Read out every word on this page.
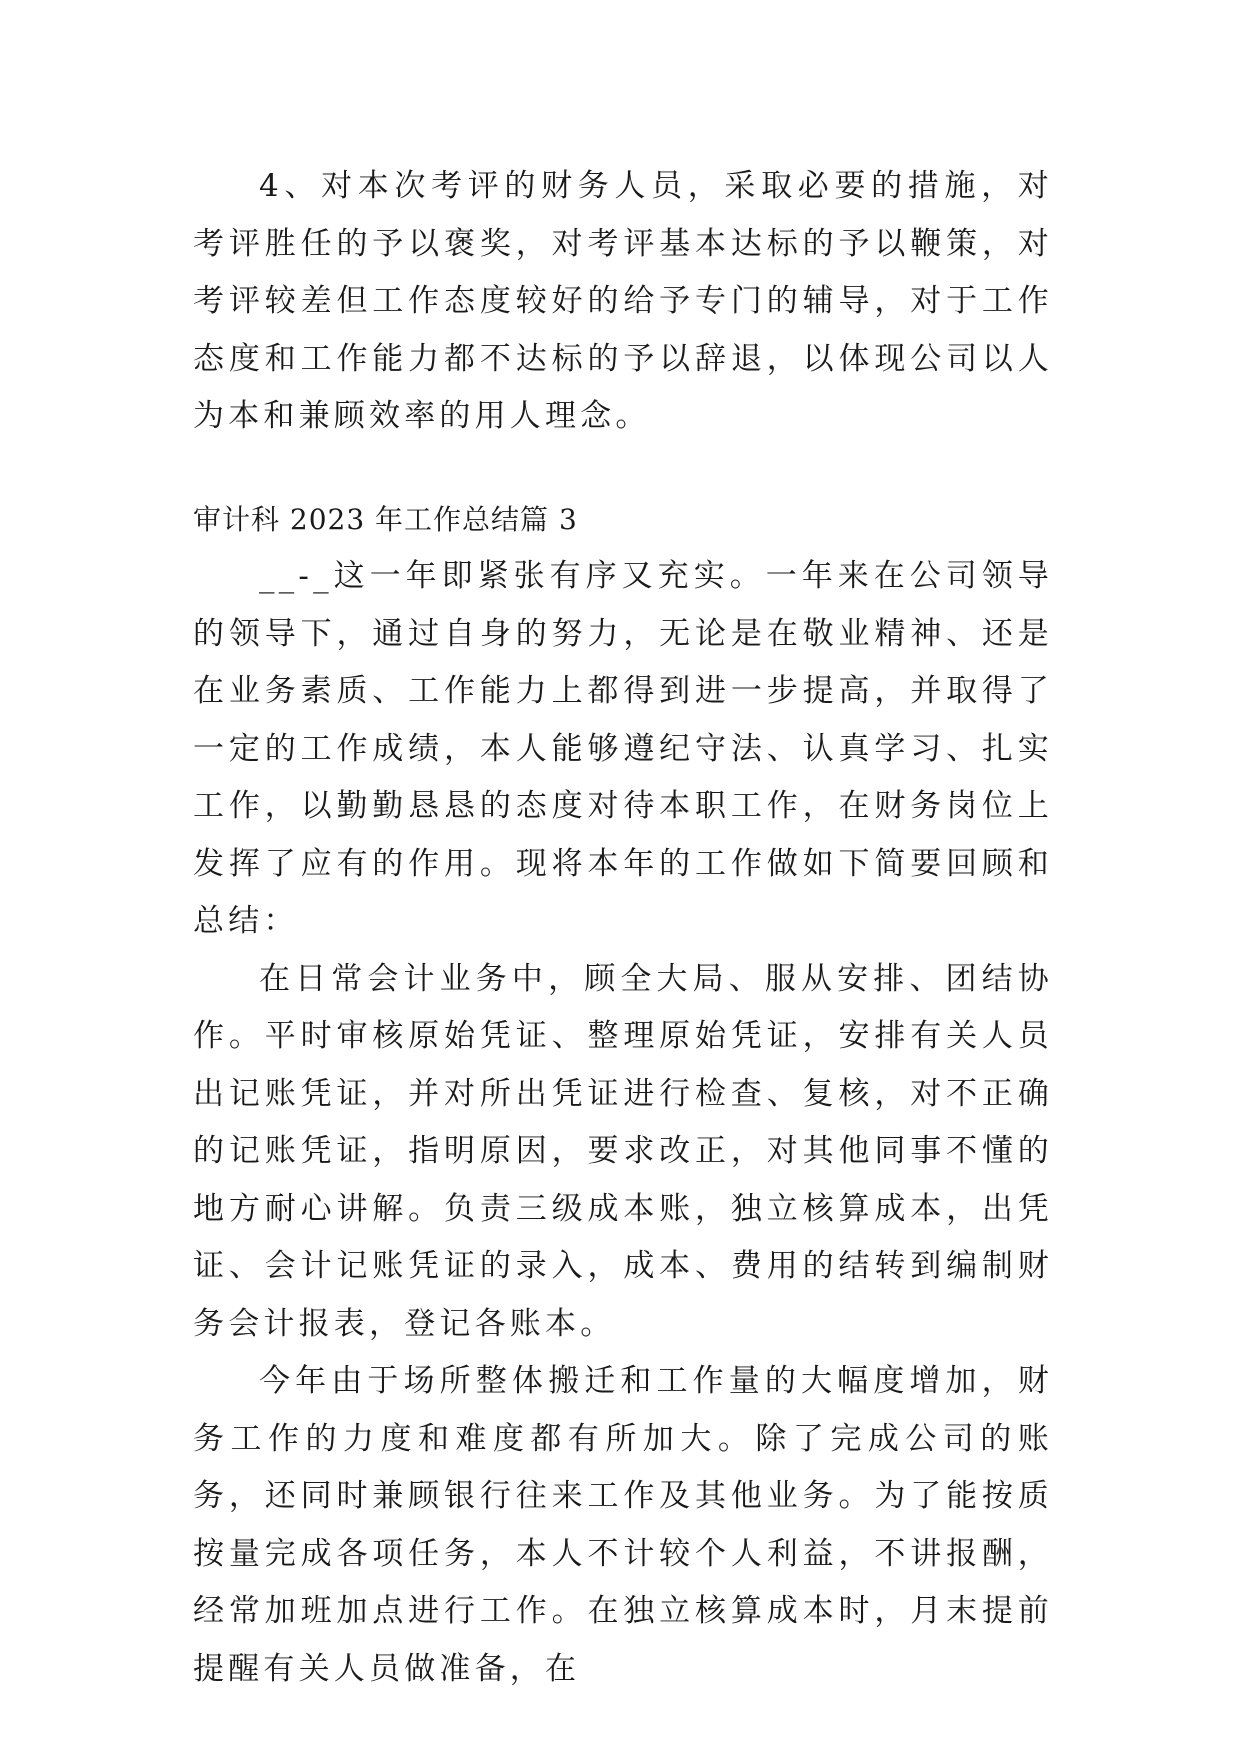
4、对本次考评的财务人员，采取必要的措施，对考评胜任的予以褒奖，对考评基本达标的予以鞭策，对考评较差但工作态度较好的给予专门的辅导，对于工作态度和工作能力都不达标的予以辞退，以体现公司以人为本和兼顾效率的用人理念。

审计科 2023 年工作总结篇 3

__-_这一年即紧张有序又充实。一年来在公司领导的领导下，通过自身的努力，无论是在敬业精神、还是在业务素质、工作能力上都得到进一步提高，并取得了一定的工作成绩，本人能够遵纪守法、认真学习、扎实工作，以勤勤恳恳的态度对待本职工作，在财务岗位上发挥了应有的作用。现将本年的工作做如下简要回顾和总结：

在日常会计业务中，顾全大局、服从安排、团结协作。平时审核原始凭证、整理原始凭证，安排有关人员出记账凭证，并对所出凭证进行检查、复核，对不正确的记账凭证，指明原因，要求改正，对其他同事不懂的地方耐心讲解。负责三级成本账，独立核算成本，出凭证、会计记账凭证的录入，成本、费用的结转到编制财务会计报表，登记各账本。

今年由于场所整体搬迁和工作量的大幅度增加，财务工作的力度和难度都有所加大。除了完成公司的账务，还同时兼顾银行往来工作及其他业务。为了能按质按量完成各项任务，本人不计较个人利益，不讲报酬，经常加班加点进行工作。在独立核算成本时，月末提前提醒有关人员做准备，在
